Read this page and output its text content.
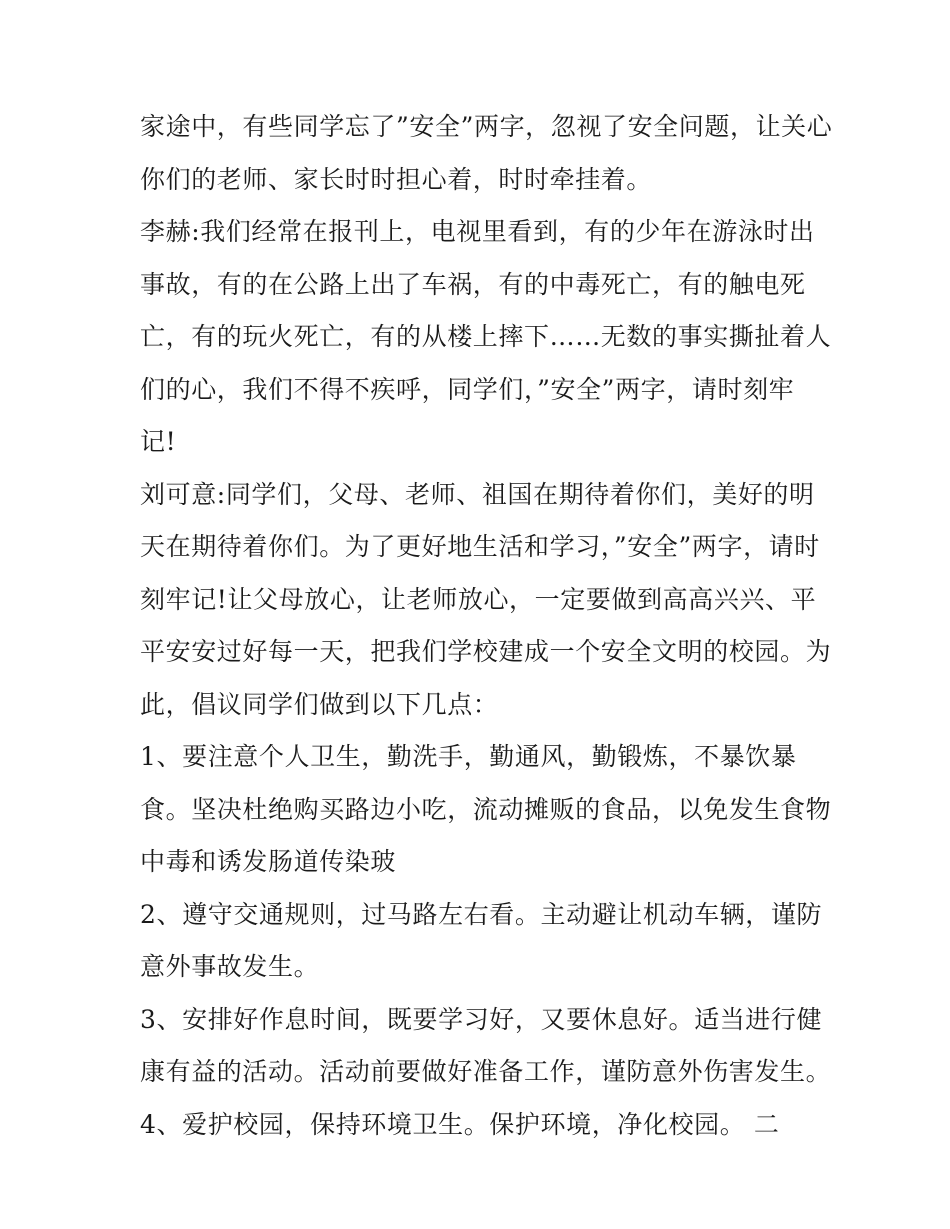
家途中，有些同学忘了”安全”两字，忽视了安全问题，让关心
你们的老师、家长时时担心着，时时牵挂着。
李赫:我们经常在报刊上，电视里看到，有的少年在游泳时出
事故，有的在公路上出了车祸，有的中毒死亡，有的触电死
亡，有的玩火死亡，有的从楼上摔下……无数的事实撕扯着人
们的心，我们不得不疾呼，同学们，”安全”两字，请时刻牢
记!
刘可意:同学们，父母、老师、祖国在期待着你们，美好的明
天在期待着你们。为了更好地生活和学习，”安全”两字，请时
刻牢记!让父母放心，让老师放心，一定要做到高高兴兴、平
平安安过好每一天，把我们学校建成一个安全文明的校园。为
此，倡议同学们做到以下几点：
1、要注意个人卫生，勤洗手，勤通风，勤锻炼，不暴饮暴
食。坚决杜绝购买路边小吃，流动摊贩的食品，以免发生食物
中毒和诱发肠道传染玻
2、遵守交通规则，过马路左右看。主动避让机动车辆，谨防
意外事故发生。
3、安排好作息时间，既要学习好，又要休息好。适当进行健
康有益的活动。活动前要做好准备工作，谨防意外伤害发生。
4、爱护校园，保持环境卫生。保护环境，净化校园。 二
